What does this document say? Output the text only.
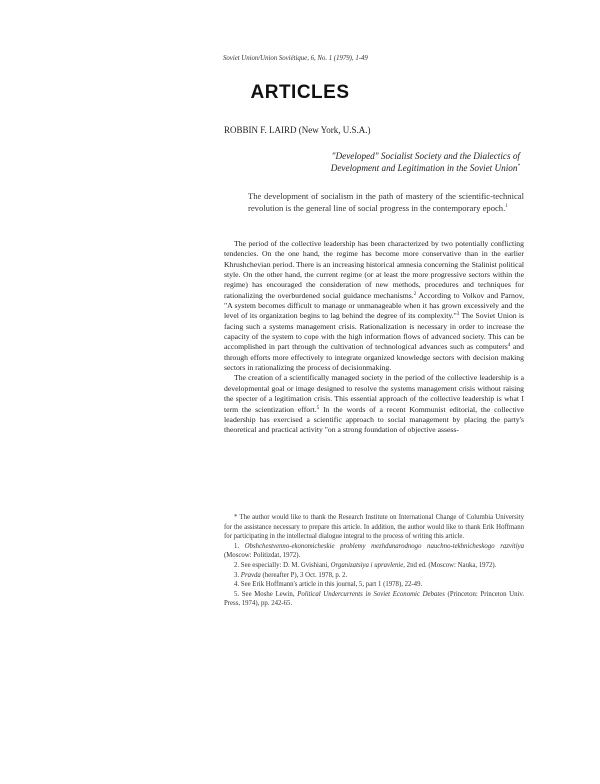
Soviet Union/Union Soviétique, 6, No. 1 (1979), 1-49
ARTICLES
ROBBIN F. LAIRD (New York, U.S.A.)
"Developed" Socialist Society and the Dialectics of
Development and Legitimation in the Soviet Union*
The development of socialism in the path of mastery of the scientific-technical revolution is the general line of social progress in the contemporary epoch.$^1$

The period of the collective leadership has been characterized by two potentially conflicting tendencies. On the one hand, the regime has become more conservative than in the earlier Khrushchevian period. There is an increasing historical amnesia concerning the Stalinist political style. On the other hand, the current regime (or at least the more progressive sectors within the regime) has encouraged the consideration of new methods, procedures and techniques for rationalizing the overburdened social guidance mechanisms.$^2$ According to Volkov and Parnov, "A system becomes difficult to manage or unmanageable when it has grown excessively and the level of its organization begins to lag behind the degree of its complexity."$^3$ The Soviet Union is facing such a systems management crisis. Rationalization is necessary in order to increase the capacity of the system to cope with the high information flows of advanced society. This can be accomplished in part through the cultivation of technological advances such as computers$^4$ and through efforts more effectively to integrate organized knowledge sectors with decision making sectors in rationalizing the process of decisionmaking.

The creation of a scientifically managed society in the period of the collective leadership is a developmental goal or image designed to resolve the systems management crisis without raising the specter of a legitimation crisis. This essential approach of the collective leadership is what I term the scientization effort.$^5$ In the words of a recent Kommunist editorial, the collective leadership has exercised a scientific approach to social management by placing the party's theoretical and practical activity "on a strong foundation of objective assess-

* The author would like to thank the Research Institute on International Change of Columbia University for the assistance necessary to prepare this article. In addition, the author would like to thank Erik Hoffmann for participating in the intellectual dialogue integral to the process of writing this article.
1. Obshchestvenno-ekonomicheskie problemy mezhdunarodnogo nauchno-tekhnicheskogo razvitiya (Moscow: Politizdat, 1972).
2. See especially: D. M. Gvishiani, Organizatsiya i upravlenie, 2nd ed. (Moscow: Nauka, 1972).
3. Pravda (hereafter P), 3 Oct. 1978, p. 2.
4. See Erik Hoffmann's article in this journal, 5, part 1 (1978), 22-49.
5. See Moshe Lewin, Political Undercurrents in Soviet Economic Debates (Princeton: Princeton Univ. Press, 1974), pp. 242-65.
